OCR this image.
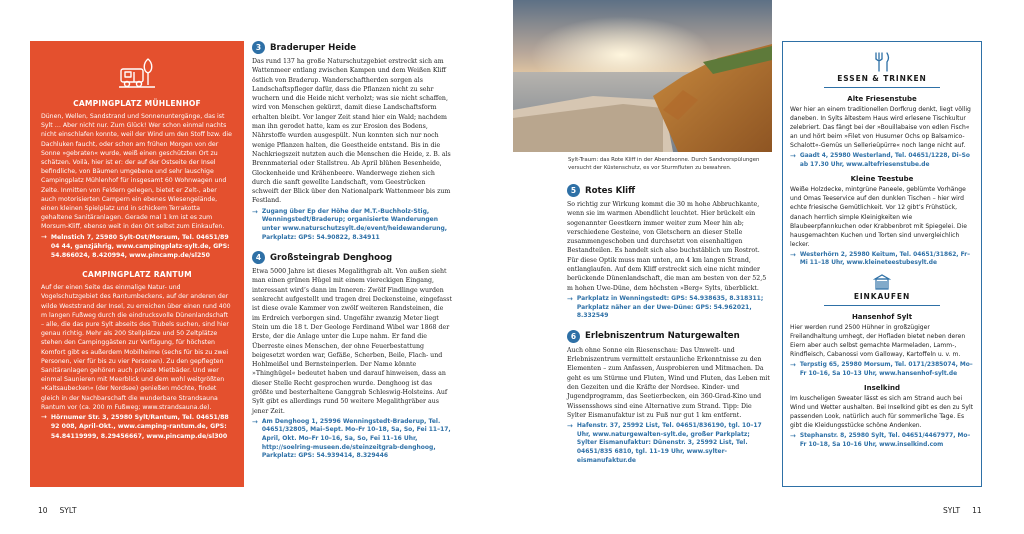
CAMPINGPLATZ MÜHLENHOF

Dünen, Wellen, Sandstrand und Sonnenuntergänge, das ist Sylt … Aber nicht nur. Zum Glück! Wer schon einmal nachts nicht einschlafen konnte, weil der Wind um den Stoff bzw. die Dachluken faucht, oder schon am frühen Morgen von der Sonne »gebraten« wurde, weiß einen geschützten Ort zu schätzen. Voilà, hier ist er: der auf der Ostseite der Insel befindliche, von Bäumen umgebene und sehr lauschige Campingplatz Mühlenhof für insgesamt 60 Wohnwagen und Zelte. Inmitten von Feldern gelegen, bietet er Zelt-, aber auch motorisierten Campern ein ebenes Wiesengelände, einen kleinen Spielplatz und in schickem Terrakotta gehaltene Sanitäranlagen. Gerade mal 1 km ist es zum Morsum-Kliff, ebenso weit in den Ort selbst zum Einkaufen.

→ Melnstich 7, 25980 Sylt-Ost/Morsum, Tel. 04651/89 04 44, ganzjährig, www.campingplatz-sylt.de, GPS: 54.866024, 8.420994, www.pincamp.de/sl250
CAMPINGPLATZ RANTUM

Auf der einen Seite das einmalige Natur- und Vogelschutzgebiet des Rantumbeckens, auf der anderen der wilde Weststrand der Insel, zu erreichen über einen rund 400 m langen Fußweg durch die eindrucksvolle Dünenlandschaft – alle, die das pure Sylt abseits des Trubels suchen, sind hier genau richtig. Mehr als 200 Stellplätze und 50 Zeltplätze stehen den Campinggästen zur Verfügung, für höchsten Komfort gibt es außerdem Mobilheime (sechs für bis zu zwei Personen, vier für bis zu vier Personen). Zu den gepflegten Sanitäranlagen gehören auch private Mietbäder. Und wer einmal Saunieren mit Meerblick und dem wohl weitgrößten »Kaltsaubecken« (der Nordsee) genießen möchte, findet gleich in der Nachbarschaft die wunderbare Strandsauna Rantum vor (ca. 200 m Fußweg; www.strandsauna.de).

→ Hörnumer Str. 3, 25980 Sylt/Rantum, Tel. 04651/88 92 008, April–Okt., www.camping-rantum.de, GPS: 54.84119999, 8.29456667, www.pincamp.de/sl300
3	Braderuper Heide

Das rund 137 ha große Naturschutzgebiet erstreckt sich am Wattenmeer entlang zwischen Kampen und dem Weißen Kliff östlich von Braderup. Wanderschaftherden sorgen als Landschaftspfleger dafür, dass die Pflanzen nicht zu sehr wuchern und die Heide nicht verholzt; was sie nicht schaffen, wird von Menschen gekürzt, damit diese Landschaftsform erhalten bleibt. Vor langer Zeit stand hier ein Wald; nachdem man ihn gerodet hatte, kam es zur Erosion des Bodens, Nährstoffe wurden ausgespült. Nun konnten sich nur noch wenige Pflanzen halten, die Geestheide entstand. Bis in die Nachkriegszeit nutzten auch die Menschen die Heide, z. B. als Brennmaterial oder Stallstreu. Ab April blühen Besenheide, Glockenheide und Krähenbeere. Wanderwege ziehen sich durch die sanft gewellte Landschaft, vom Geestrücken schweift der Blick über den Nationalpark Wattenmeer bis zum Festland.

→ Zugang über Ep der Höhe der M.T.-Buchholz-Stig, Wenningstedt/Braderup; organisierte Wanderungen unter www.naturschutzsylt.de/event/heidewanderung, Parkplatz: GPS: 54.90822, 8.34911
4	Großsteingrab Denghoog

Etwa 5000 Jahre ist dieses Megalithgrab alt. Von außen sieht man einen grünen Hügel mit einem viereckigen Eingang, interessant wird’s dann im Inneren: Zwölf Findlinge wurden senkrecht aufgestellt und tragen drei Deckensteine, eingefasst ist diese ovale Kammer von zwölf weiteren Randsteinen, die im Erdreich verborgen sind. Ungefähr zwanzig Meter liegt Stein um die 18 t. Der Geologe Ferdinand Wibel war 1868 der Erste, der die Anlage unter die Lupe nahm. Er fand die Überreste eines Menschen, der ohne Feuerbestattung beigesetzt worden war, Gefäße, Scherben, Beile, Flach- und Hohlmeißel und Bernsteinperlen. Der Name könnte »Thinghügel« bedeutet haben und darauf hinweisen, dass an dieser Stelle Recht gesprochen wurde. Denghoog ist das größte und besterhaltene Ganggrab Schleswig-Holsteins. Auf Sylt gibt es allerdings rund 50 weitere Megalithgräber aus jener Zeit.

→ Am Denghoog 1, 25996 Wenningstedt-Braderup, Tel. 04651/32805, Mai–Sept. Mo–Fr 10–18, Sa, So, Fei 11–17, April, Okt. Mo–Fr 10–16, Sa, So, Fei 11–16 Uhr, http://soelring-museen.de/steinzeitgrab-denghoog, Parkplatz: GPS: 54.939414, 8.329446
10 SYLT	SYLT 11

Sylt-Traum: das Rote Kliff in der Abendsonne. Durch Sandvorspülungen versucht der Küstenschutz, es vor Sturmfluten zu bewahren.

5	Rotes Kliff

So richtig zur Wirkung kommt die 30 m hohe Abbruchkante, wenn sie im warmen Abendlicht leuchtet. Hier brückelt ein sogenannter Geestkern immer weiter zum Meer hin ab; verschiedene Gesteine, von Gletschern an dieser Stelle zusammengeschoben und durchsetzt von eisenhaltigen Bestandteilen. Es handelt sich also buchstäblich um Rostrot. Für diese Optik muss man unten, am 4 km langen Strand, entlanglaufen. Auf dem Kliff erstreckt sich eine nicht minder berückende Dünenlandschaft, die man am besten von der 52,5 m hohen Uwe-Düne, dem höchsten »Berg« Sylts, überblickt.

→ Parkplatz in Wenningstedt: GPS: 54.938635, 8.318311; Parkplatz näher an der Uwe-Düne: GPS: 54.962021, 8.332549
6	Erlebniszentrum Naturgewalten

Auch ohne Sonne ein Riesenschau: Das Umwelt- und Erlebniszentrum vermittelt erstaunliche Erkenntnisse zu den Elementen – zum Anfassen, Ausprobieren und Mitmachen. Da geht es um Stürme und Fluten, Wind und Fluten, das Leben mit den Gezeiten und die Kräfte der Nordsee. Kinder- und Jugendprogramm, das Seetierbecken, ein 360-Grad-Kino und Wissensshows sind eine Alternative zum Strand. Tipp: Die Sylter Eismanufaktur ist zu Fuß nur gut 1 km entfernt.

→ Hafenstr. 37, 25992 List, Tel. 04651/836190, tgl. 10–17 Uhr, www.naturgewalten-sylt.de, großer Parkplatz; Sylter Eismanufaktur: Dünenstr. 3, 25992 List, Tel. 04651/835 6810, tgl. 11–19 Uhr, www.sylter-eismanufaktur.de
ESSEN & TRINKEN
Alte Friesenstube

Wer hier an einem traditionellen Dorfkrug denkt, liegt völlig daneben. In Sylts ältestem Haus wird erlesene Tischkultur zelebriert. Das fängt bei der »Bouillabaise von edlen Fisch« an und hört beim »Filet von Husumer Ochs op Balsamico-Schalott«-Gemüs un Sellerieüpürre« noch lange nicht auf.

→ Gaadt 4, 25980 Westerland, Tel. 04651/1228, Di–So ab 17.30 Uhr, www.altefriesenstube.de
Kleine Teestube

Weiße Holzdecke, mintgrüne Paneele, geblümte Vorhänge und Omas Teeservice auf den dunklen Tischen – hier wird echte friesische Gemütlichkeit. Vor 12 gibt’s Frühstück, danach herrlich simple Kleinigkeiten wie Blaubeerpfannkuchen oder Krabbenbrot mit Spiegelei. Die hausgemachten Kuchen und Torten sind unvergleichlich lecker.

→ Westerhörn 2, 25980 Keitum, Tel. 04651/31862, Fr–Mi 11–18 Uhr, www.kleineteestubesylt.de
EINKAUFEN
Hansenhof Sylt

Hier werden rund 2500 Hühner in großzügiger Freilandhaltung umhegt, der Hofladen bietet neben deren Eiern aber auch selbst gemachte Marmeladen, Lamm-, Rindfleisch, Cabanossi vom Galloway, Kartoffeln u. v. m.

→ Terpstig 65, 25980 Morsum, Tel. 0171/2385074, Mo–Fr 10–16, Sa 10–13 Uhr, www.hansenhof-sylt.de
Inselkind

Im kuscheligen Sweater lässt es sich am Strand auch bei Wind und Wetter aushalten. Bei Inselkind gibt es den zu Sylt passenden Look, natürlich auch für sommerliche Tage. Es gibt die Kleidungsstücke schöne Andenken.

→ Stephanstr. 8, 25980 Sylt, Tel. 04651/4467977, Mo–Fr 10–18, Sa 10–16 Uhr, www.inselkind.com
